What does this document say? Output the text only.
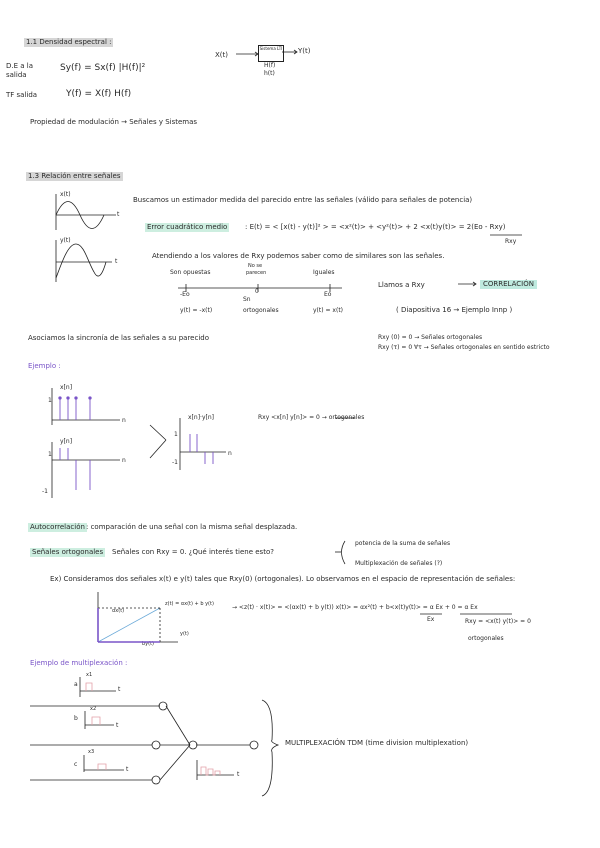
1.1 Densidad espectral :
D.E a la
salida
Sy(f) = Sx(f) |H(f)|²
TF salida	Y(f) = X(f) H(f)
Propiedad de modulación → Señales y Sistemas
X(t)
Sistema LTI Y(t)
H(f)
h(t)
1.3 Relación entre señales
x(t)
t
y(t)
t
Buscamos un estimador medida del parecido entre las señales (válido para señales de potencia)
Error cuadrático medio	: E(t) = < [x(t) - y(t)]² > = <x²(t)> + <y²(t)> + 2 <x(t)y(t)> = 2(Eo - Rxy)
Rxy
Atendiendo a los valores de Rxy podemos saber como de similares son las señales.
Son opuestas
No se
parecen	Iguales
-Eo	0	Eo
Sn
y(t) = -x(t)	ortogonales	y(t) = x(t)
Llamos a Rxy	CORRELACIÓN
( Diapositiva 16 → Ejemplo Innp )
Asociamos la sincronía de las señales a su parecido	Rxy (0) = 0 → Señales ortogonales
Rxy (τ) = 0 ∀τ → Señales ortogonales en sentido estricto
Ejemplo :
x[n]
n
1
y[n]
n
1
-1
x[n]·y[n]
n
1
-1
Rxy <x[n] y[n]> = 0 → ortogonales
Autocorrelación : comparación de una señal con la misma señal desplazada.
Señales ortogonales Señales con Rxy = 0. ¿Qué interés tiene esto?
potencia de la suma de señales
Multiplexación de señales (?)
Ex) Consideramos dos señales x(t) e y(t) tales que Rxy(0) (ortogonales). Lo observamos en el espacio de representación de señales:
αx(t)
z(t) = αx(t) + b y(t)
by(t)
y(t)
→ <z(t) · x(t)> = <(αx(t) + b y(t)) x(t)> = αx²(t) + b<x(t)y(t)> = α Ex + 0 = α Ex
Ex	Rxy = <x(t) y(t)> = 0
ortogonales
Ejemplo de multiplexación :
a
x1
t
b
x2
c
x3
t
t
t
MULTIPLEXACIÓN TDM (time division multiplexation)
